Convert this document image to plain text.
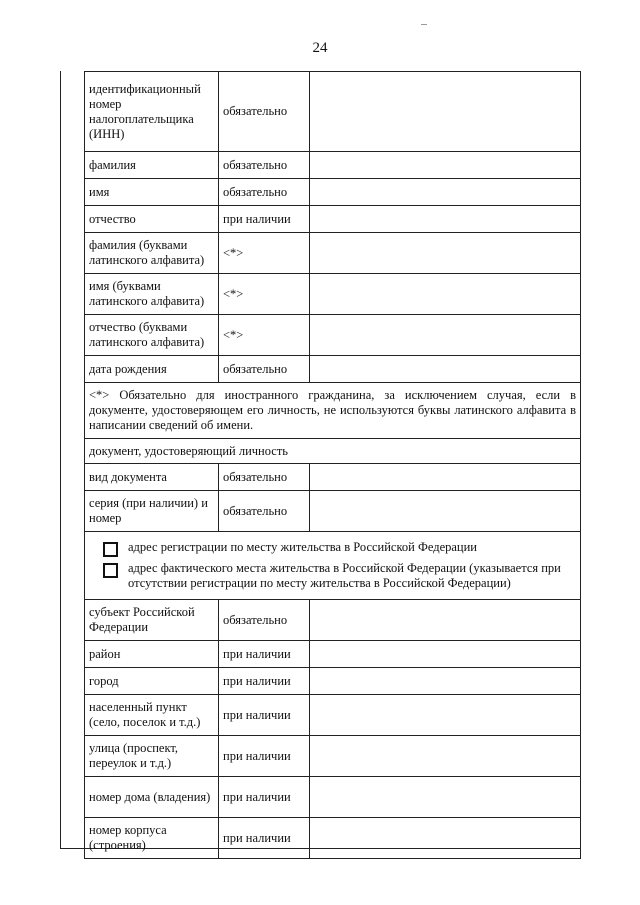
24
идентификационный номер налогоплательщика (ИНН)	обязательно	
фамилия	обязательно	
имя	обязательно	
отчество	при наличии	
фамилия (буквами латинского алфавита)	<*>	
имя (буквами латинского алфавита)	<*>	
отчество (буквами латинского алфавита)	<*>	
дата рождения	обязательно	
<*> Обязательно для иностранного гражданина, за исключением случая, если в документе, удостоверяющем его личность, не используются буквы латинского алфавита в написании сведений об имени.		
документ, удостоверяющий личность		
вид документа	обязательно	
серия (при наличии) и номер	обязательно	

адрес регистрации по месту жительства в Российской Федерации
адрес фактического места жительства в Российской Федерации (указывается при отсутствии регистрации по месту жительства в Российской Федерации)		

субъект Российской Федерации	обязательно	
район	при наличии	
город	при наличии	
населенный пункт (село, поселок и т.д.)	при наличии	
улица (проспект, переулок и т.д.)	при наличии	
номер дома (владения)	при наличии	
номер корпуса (строения)	при наличии	
